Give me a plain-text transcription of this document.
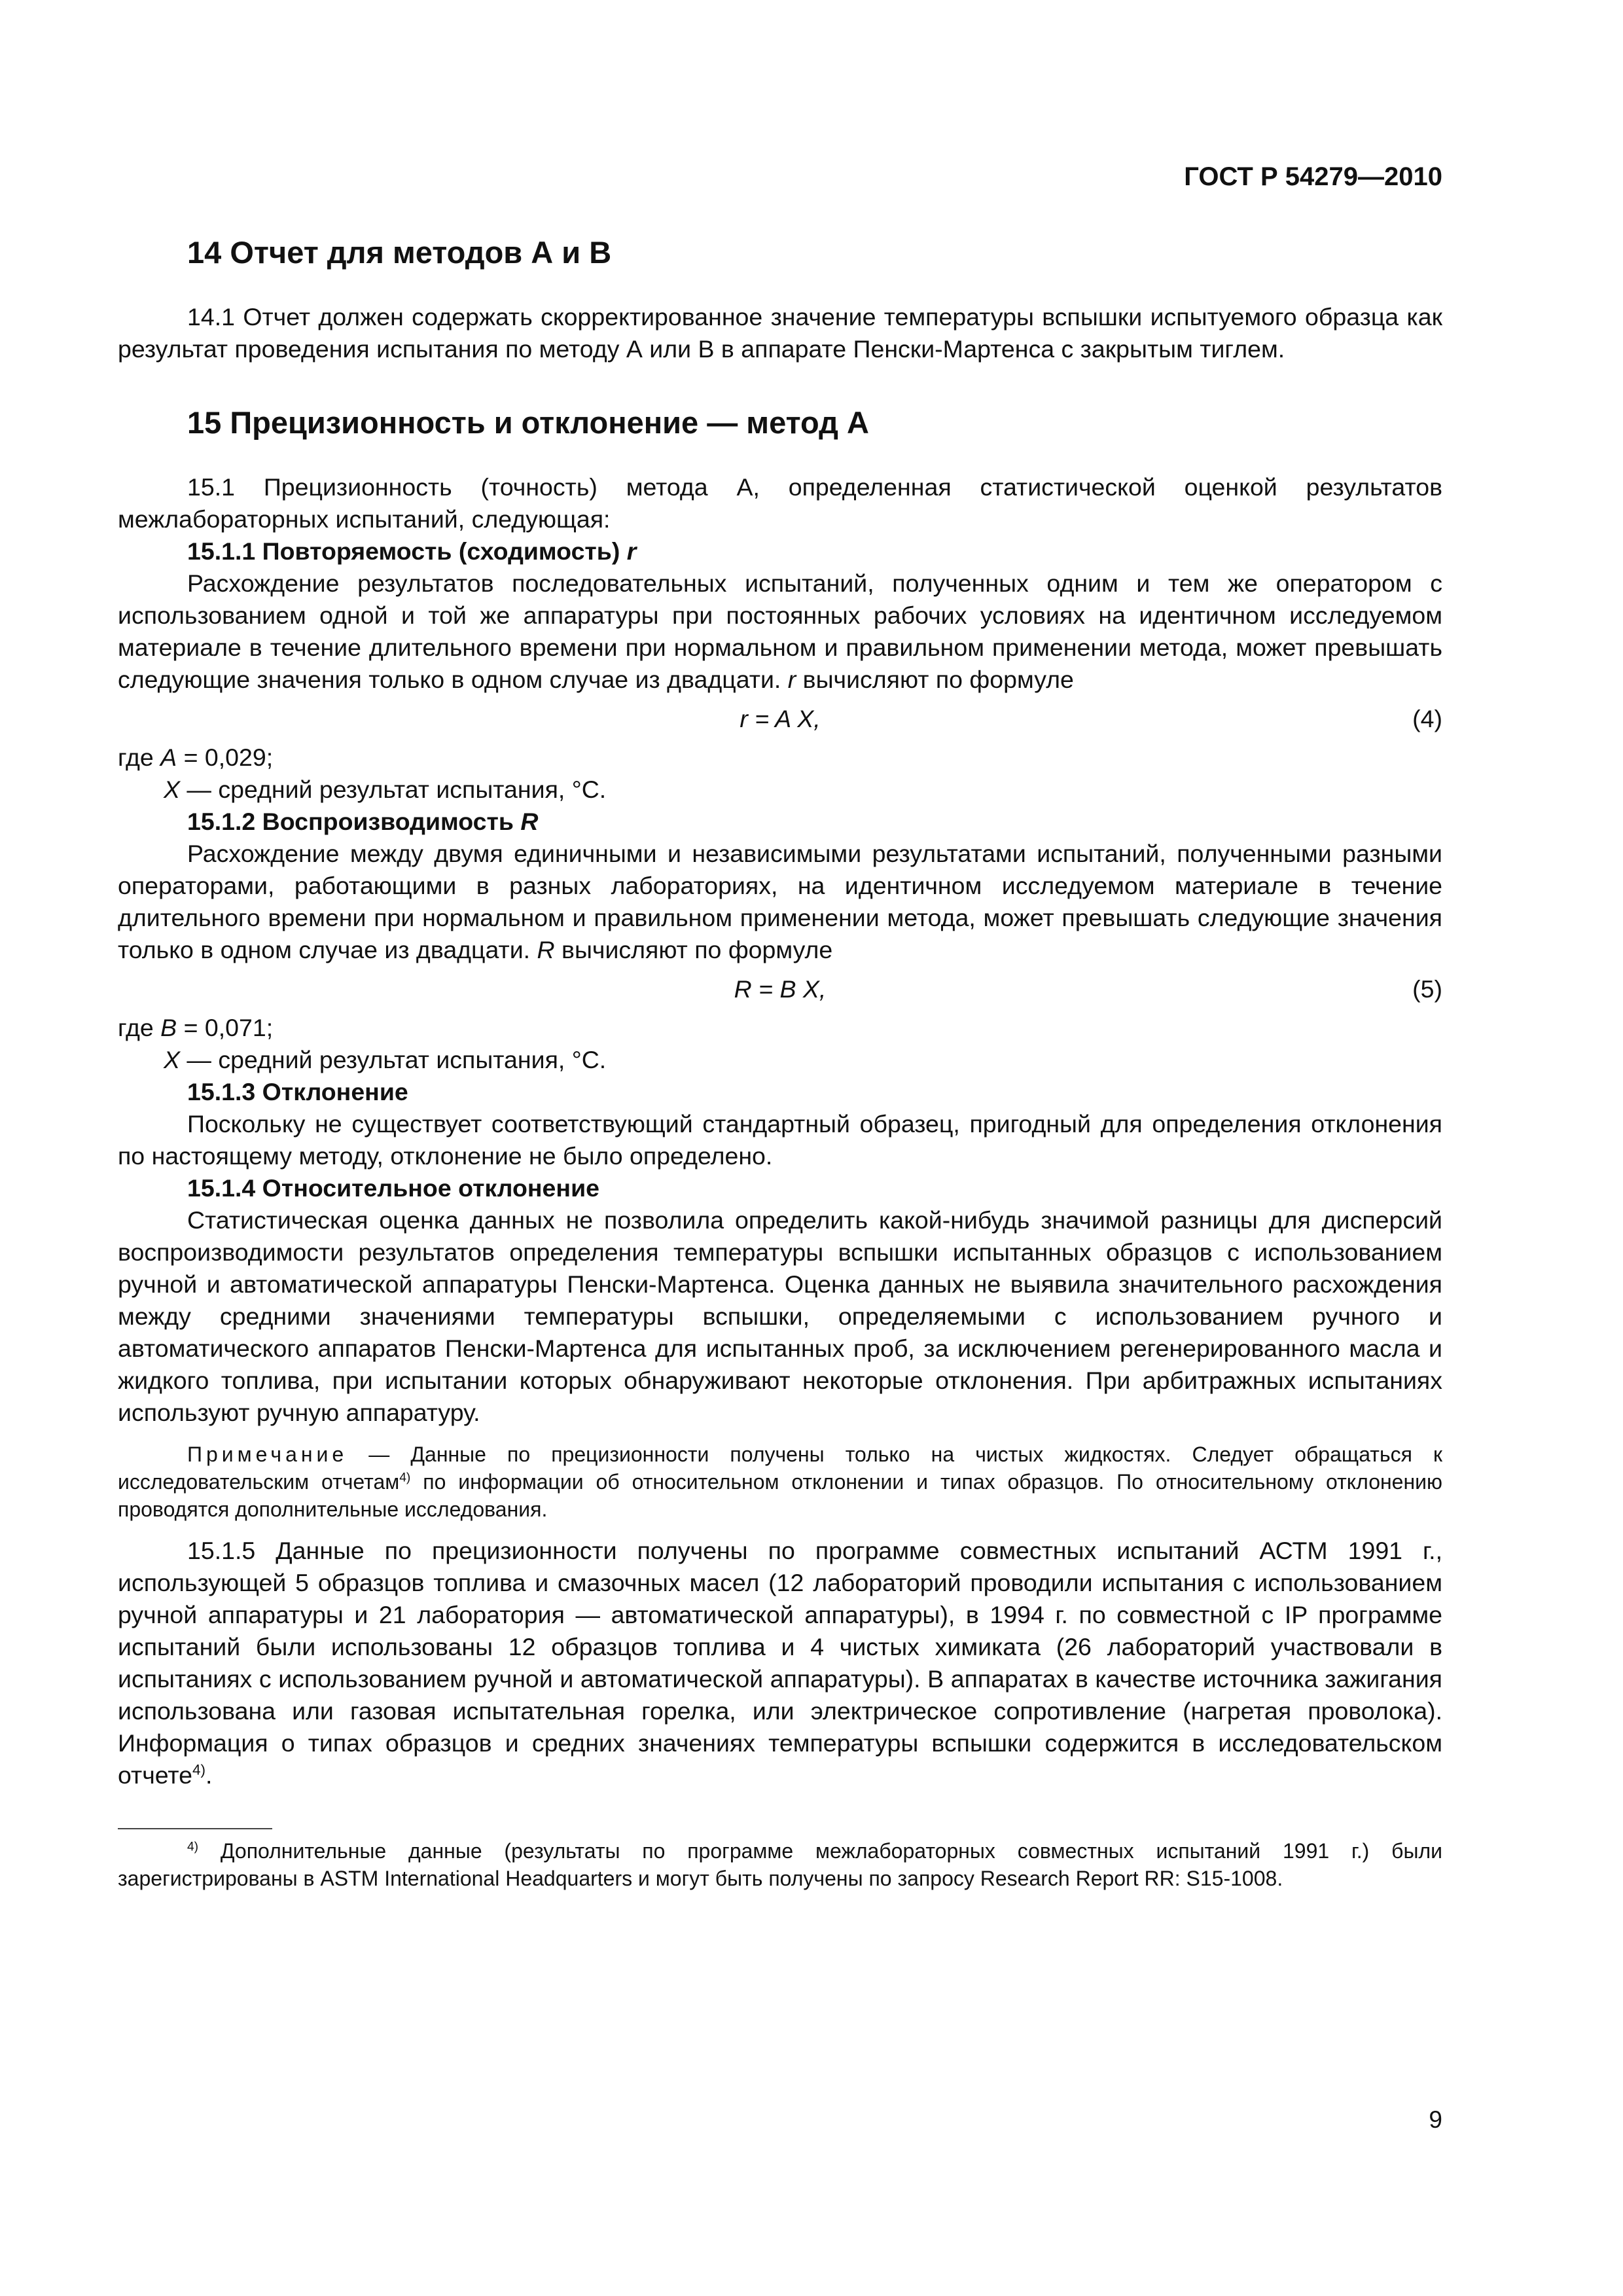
ГОСТ Р 54279—2010
14 Отчет для методов А и В

14.1 Отчет должен содержать скорректированное значение температуры вспышки испытуемого образца как результат проведения испытания по методу А или В в аппарате Пенски-Мартенса с закрытым тиглем.

15 Прецизионность и отклонение — метод А

15.1 Прецизионность (точность) метода А, определенная статистической оценкой результатов межлабораторных испытаний, следующая:

15.1.1 Повторяемость (сходимость) r

Расхождение результатов последовательных испытаний, полученных одним и тем же оператором с использованием одной и той же аппаратуры при постоянных рабочих условиях на идентичном исследуемом материале в течение длительного времени при нормальном и правильном применении метода, может превышать следующие значения только в одном случае из двадцати. r вычисляют по формуле

r = A X,	(4)

где A = 0,029;

X — средний результат испытания, °С.

15.1.2 Воспроизводимость R

Расхождение между двумя единичными и независимыми результатами испытаний, полученными разными операторами, работающими в разных лабораториях, на идентичном исследуемом материале в течение длительного времени при нормальном и правильном применении метода, может превышать следующие значения только в одном случае из двадцати. R вычисляют по формуле

R = B X,	(5)

где B = 0,071;

X — средний результат испытания, °С.

15.1.3 Отклонение

Поскольку не существует соответствующий стандартный образец, пригодный для определения отклонения по настоящему методу, отклонение не было определено.

15.1.4 Относительное отклонение

Статистическая оценка данных не позволила определить какой-нибудь значимой разницы для дисперсий воспроизводимости результатов определения температуры вспышки испытанных образцов с использованием ручной и автоматической аппаратуры Пенски-Мартенса. Оценка данных не выявила значительного расхождения между средними значениями температуры вспышки, определяемыми с использованием ручного и автоматического аппаратов Пенски-Мартенса для испытанных проб, за исключением регенерированного масла и жидкого топлива, при испытании которых обнаруживают некоторые отклонения. При арбитражных испытаниях используют ручную аппаратуру.

Примечание — Данные по прецизионности получены только на чистых жидкостях. Следует обращаться к исследовательским отчетам$^{4)}$ по информации об относительном отклонении и типах образцов. По относительному отклонению проводятся дополнительные исследования.

15.1.5 Данные по прецизионности получены по программе совместных испытаний АСТМ 1991 г., использующей 5 образцов топлива и смазочных масел (12 лабораторий проводили испытания с использованием ручной аппаратуры и 21 лаборатория — автоматической аппаратуры), в 1994 г. по совместной с IP программе испытаний были использованы 12 образцов топлива и 4 чистых химиката (26 лабораторий участвовали в испытаниях с использованием ручной и автоматической аппаратуры). В аппаратах в качестве источника зажигания использована или газовая испытательная горелка, или электрическое сопротивление (нагретая проволока). Информация о типах образцов и средних значениях температуры вспышки содержится в исследовательском отчете$^{4)}$.

$^{4)}$ Дополнительные данные (результаты по программе межлабораторных совместных испытаний 1991 г.) были зарегистрированы в ASTM International Headquarters и могут быть получены по запросу Research Report RR: S15-1008.

9
